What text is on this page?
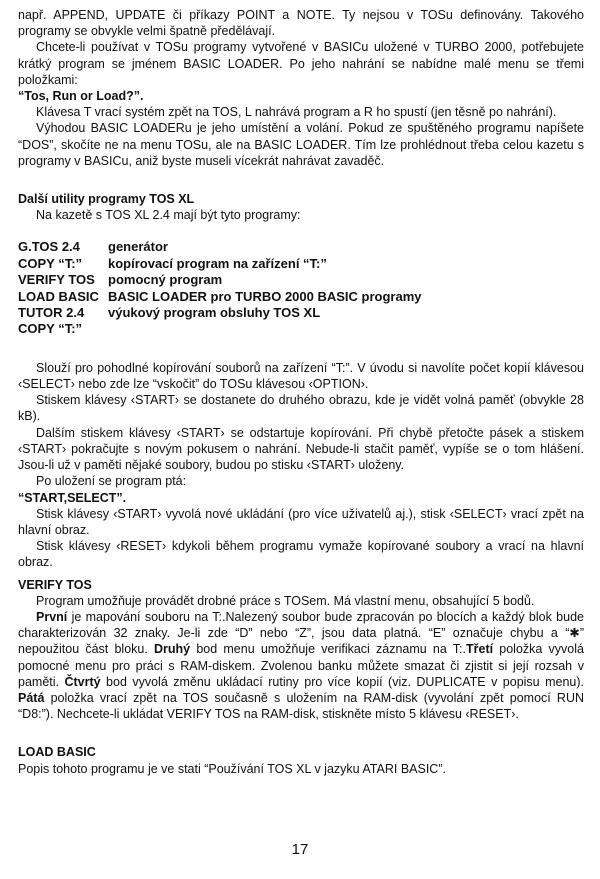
např. APPEND, UPDATE či příkazy POINT a NOTE. Ty nejsou v TOSu definovány. Takového programy se obvykle velmi špatně předělávají.

Chcete-li používat v TOSu programy vytvořené v BASICu uložené v TURBO 2000, potřebujete krátký program se jménem BASIC LOADER. Po jeho nahrání se nabídne malé menu se třemi položkami:

“Tos, Run or Load?”.

Klávesa T vrací systém zpět na TOS, L nahrává program a R ho spustí (jen těsně po nahrání).

Výhodou BASIC LOADERu je jeho umístění a volání. Pokud ze spuštěného programu napíšete “DOS”, skočíte ne na menu TOSu, ale na BASIC LOADER. Tím lze prohlédnout třeba celou kazetu s programy v BASICu, aniž byste museli vícekrát nahrávat zavaděč.

Další utility programy TOS XL

Na kazetě s TOS XL 2.4 mají být tyto programy:

G.TOS 2.4	generátor
COPY “T:”	kopírovací program na zařízení “T:”
VERIFY TOS	pomocný program
LOAD BASIC	BASIC LOADER pro TURBO 2000 BASIC programy
TUTOR 2.4	výukový program obsluhy TOS XL
COPY “T:”	

Slouží pro pohodlné kopírování souborů na zařízení “T:”. V úvodu si navolíte počet kopií klávesou ‹SELECT› nebo zde lze “vskočit” do TOSu klávesou ‹OPTION›.

Stiskem klávesy ‹START› se dostanete do druhého obrazu, kde je vidět volná paměť (obvykle 28 kB).

Dalším stiskem klávesy ‹START› se odstartuje kopírování. Při chybě přetočte pásek a stiskem ‹START› pokračujte s novým pokusem o nahrání. Nebude-li stačit paměť, vypíše se o tom hlášení. Jsou-li už v paměti nějaké soubory, budou po stisku ‹START› uloženy.

Po uložení se program ptá:

“START,SELECT”.

Stisk klávesy ‹START› vyvolá nové ukládání (pro více uživatelů aj.), stisk ‹SELECT› vrací zpět na hlavní obraz.

Stisk klávesy ‹RESET› kdykoli během programu vymaže kopírované soubory a vrací na hlavní obraz.

VERIFY TOS

Program umožňuje provádět drobné práce s TOSem. Má vlastní menu, obsahující 5 bodů.

První je mapování souboru na T:.Nalezený soubor bude zpracován po blocích a každý blok bude charakterizován 32 znaky. Je-li zde “D” nebo “Z”, jsou data platná. “E” označuje chybu a “✱” nepoužitou část bloku. Druhý bod menu umožňuje verifikaci záznamu na T:.Třetí položka vyvolá pomocné menu pro práci s RAM-diskem. Zvolenou banku můžete smazat či zjistit si její rozsah v paměti. Čtvrtý bod vyvolá změnu ukládací rutiny pro více kopií (viz. DUPLICATE v popisu menu). Pátá položka vrací zpět na TOS současně s uložením na RAM-disk (vyvolání zpět pomocí RUN “D8:”). Nechcete-li ukládat VERIFY TOS na RAM-disk, stiskněte místo 5 klávesu ‹RESET›.

LOAD BASIC

Popis tohoto programu je ve stati “Používání TOS XL v jazyku ATARI BASIC”.

17
